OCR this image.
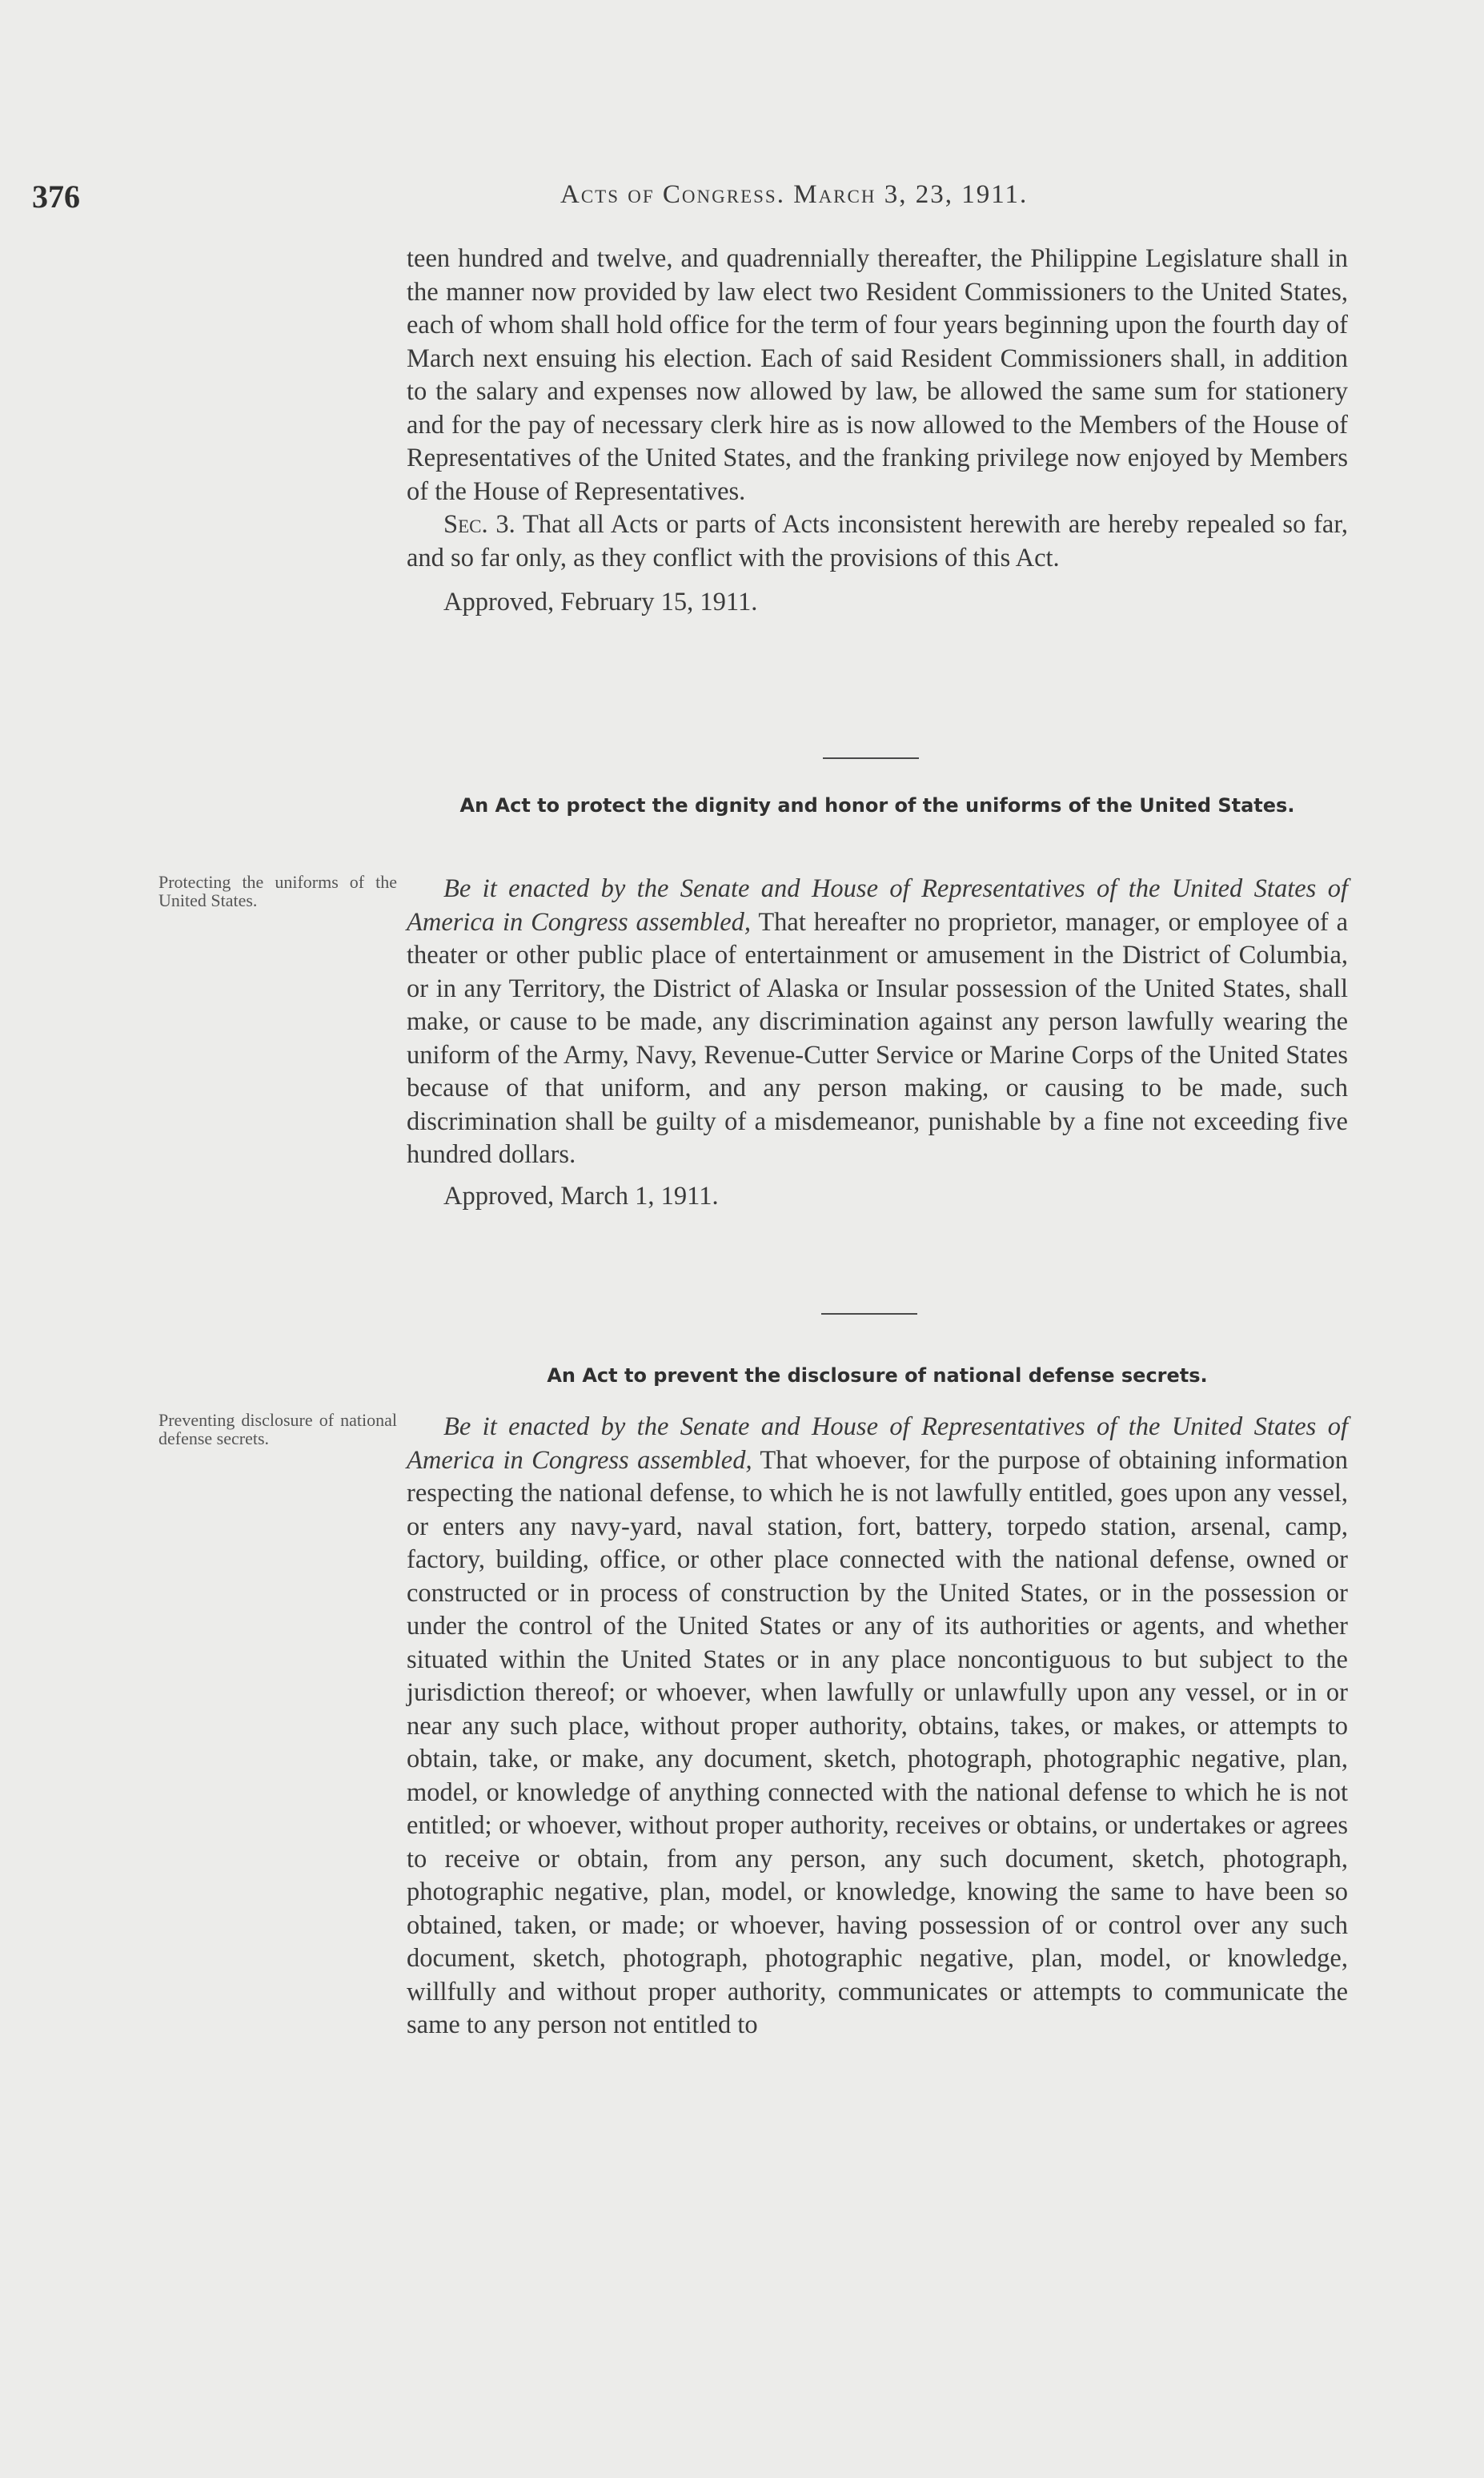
376	Acts of Congress. March 3, 23, 1911.

teen hundred and twelve, and quadrennially thereafter, the Philippine Legislature shall in the manner now provided by law elect two Resident Commissioners to the United States, each of whom shall hold office for the term of four years beginning upon the fourth day of March next ensuing his election. Each of said Resident Commissioners shall, in addition to the salary and expenses now allowed by law, be allowed the same sum for stationery and for the pay of necessary clerk hire as is now allowed to the Members of the House of Representatives of the United States, and the franking privilege now enjoyed by Members of the House of Representatives.

Sec. 3. That all Acts or parts of Acts inconsistent herewith are hereby repealed so far, and so far only, as they conflict with the provisions of this Act.

Approved, February 15, 1911.

An Act to protect the dignity and honor of the uniforms of the United States.
Protecting the uniforms of the United States.	Be it enacted by the Senate and House of Representatives of the United States of America in Congress assembled, That hereafter no proprietor, manager, or employee of a theater or other public place of entertainment or amusement in the District of Columbia, or in any Territory, the District of Alaska or Insular possession of the United States, shall make, or cause to be made, any discrimination against any person lawfully wearing the uniform of the Army, Navy, Revenue-Cutter Service or Marine Corps of the United States because of that uniform, and any person making, or causing to be made, such discrimination shall be guilty of a misdemeanor, punishable by a fine not exceeding five hundred dollars.

Approved, March 1, 1911.

An Act to prevent the disclosure of national defense secrets.
Preventing disclosure of national defense secrets.	Be it enacted by the Senate and House of Representatives of the United States of America in Congress assembled, That whoever, for the purpose of obtaining information respecting the national defense, to which he is not lawfully entitled, goes upon any vessel, or enters any navy-yard, naval station, fort, battery, torpedo station, arsenal, camp, factory, building, office, or other place connected with the national defense, owned or constructed or in process of construction by the United States, or in the possession or under the control of the United States or any of its authorities or agents, and whether situated within the United States or in any place noncontiguous to but subject to the jurisdiction thereof; or whoever, when lawfully or unlawfully upon any vessel, or in or near any such place, without proper authority, obtains, takes, or makes, or attempts to obtain, take, or make, any document, sketch, photograph, photographic negative, plan, model, or knowledge of anything connected with the national defense to which he is not entitled; or whoever, without proper authority, receives or obtains, or undertakes or agrees to receive or obtain, from any person, any such document, sketch, photograph, photographic negative, plan, model, or knowledge, knowing the same to have been so obtained, taken, or made; or whoever, having possession of or control over any such document, sketch, photograph, photographic negative, plan, model, or knowledge, willfully and without proper authority, communicates or attempts to communicate the same to any person not entitled to
